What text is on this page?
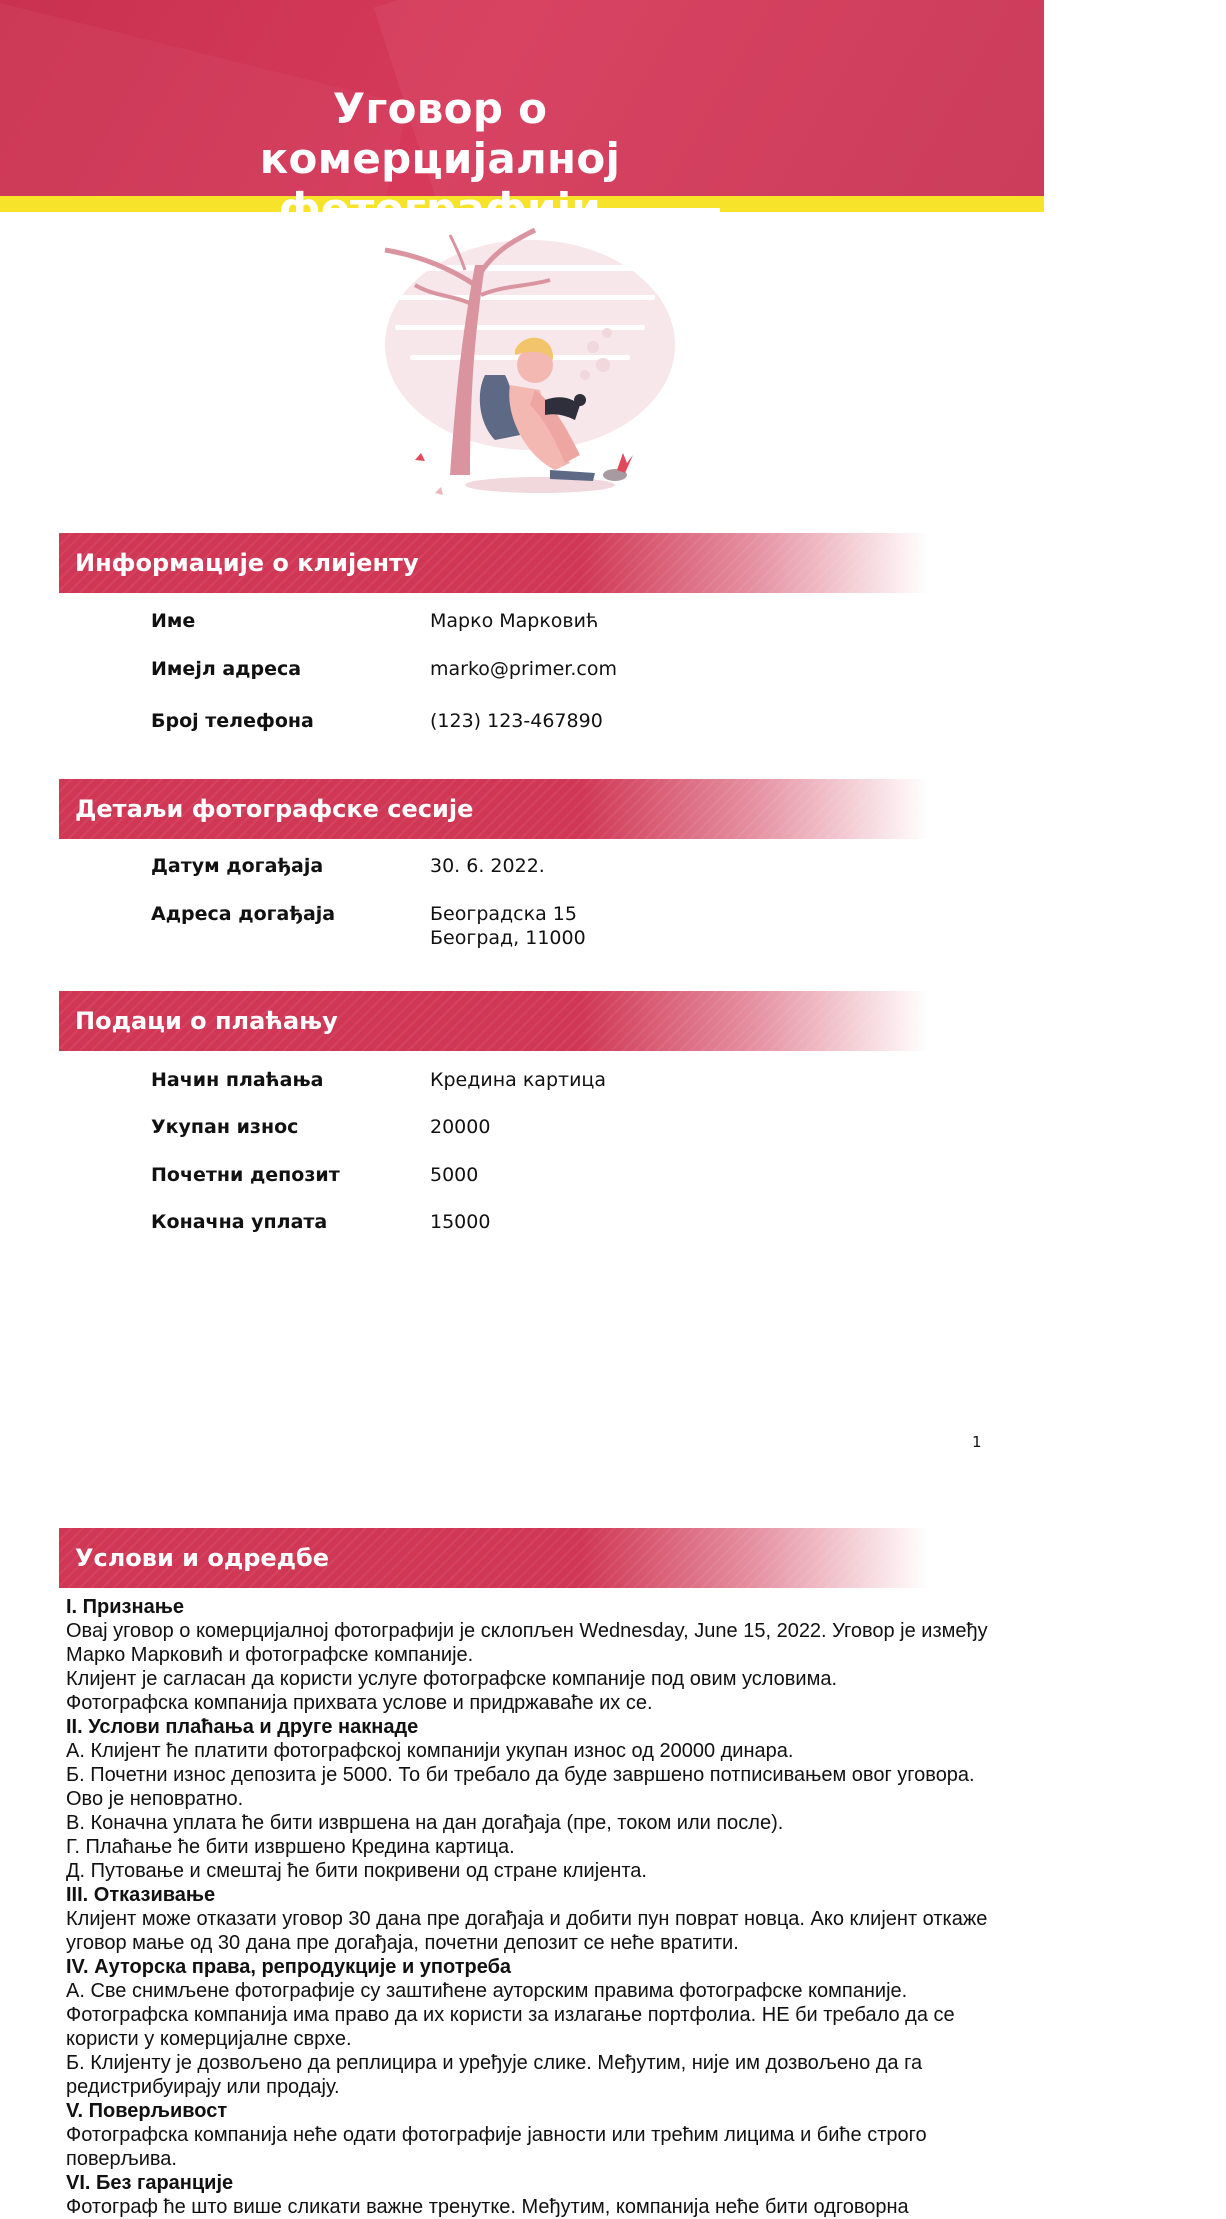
Уговор о комерцијалној фотографији
Информације о клијенту
Име	Марко Марковић
Имејл адреса	marko@primer.com
Број телефона	(123) 123-467890
Детаљи фотографске сесије
Датум догађаја	30. 6. 2022.
Адреса догађаја	Београдска 15
Београд, 11000
Подаци о плаћању
Начин плаћања	Кредина картица
Укупан износ	20000
Почетни депозит	5000
Коначна уплата	15000
1
Услови и одредбе

I. Признање

Овај уговор о комерцијалној фотографији је склопљен Wednesday, June 15, 2022. Уговор је између Марко Марковић и фотографске компаније.

Клијент је сагласан да користи услуге фотографске компаније под овим условима.

Фотографска компанија прихвата услове и придржаваће их се.

II. Услови плаћања и друге накнаде

А. Клијент ће платити фотографској компанији укупан износ од 20000 динара.

Б. Почетни износ депозита је 5000. То би требало да буде завршено потписивањем овог уговора. Ово је неповратно.

В. Коначна уплата ће бити извршена на дан догађаја (пре, током или после).

Г. Плаћање ће бити извршено Кредина картица.

Д. Путовање и смештај ће бити покривени од стране клијента.

III. Отказивање

Клијент може отказати уговор 30 дана пре догађаја и добити пун поврат новца. Ако клијент откаже уговор мање од 30 дана пре догађаја, почетни депозит се неће вратити.

IV. Ауторска права, репродукције и употреба

А. Све снимљене фотографије су заштићене ауторским правима фотографске компаније. Фотографска компанија има право да их користи за излагање портфолиа. НЕ би требало да се користи у комерцијалне сврхе.

Б. Клијенту је дозвољено да реплицира и уређује слике. Међутим, није им дозвољено да га редистрибуирају или продају.

V. Поверљивост

Фотографска компанија неће одати фотографије јавности или трећим лицима и биће строго поверљива.

VI. Без гаранције

Фотограф ће што више сликати важне тренутке. Међутим, компанија неће бити одговорна
